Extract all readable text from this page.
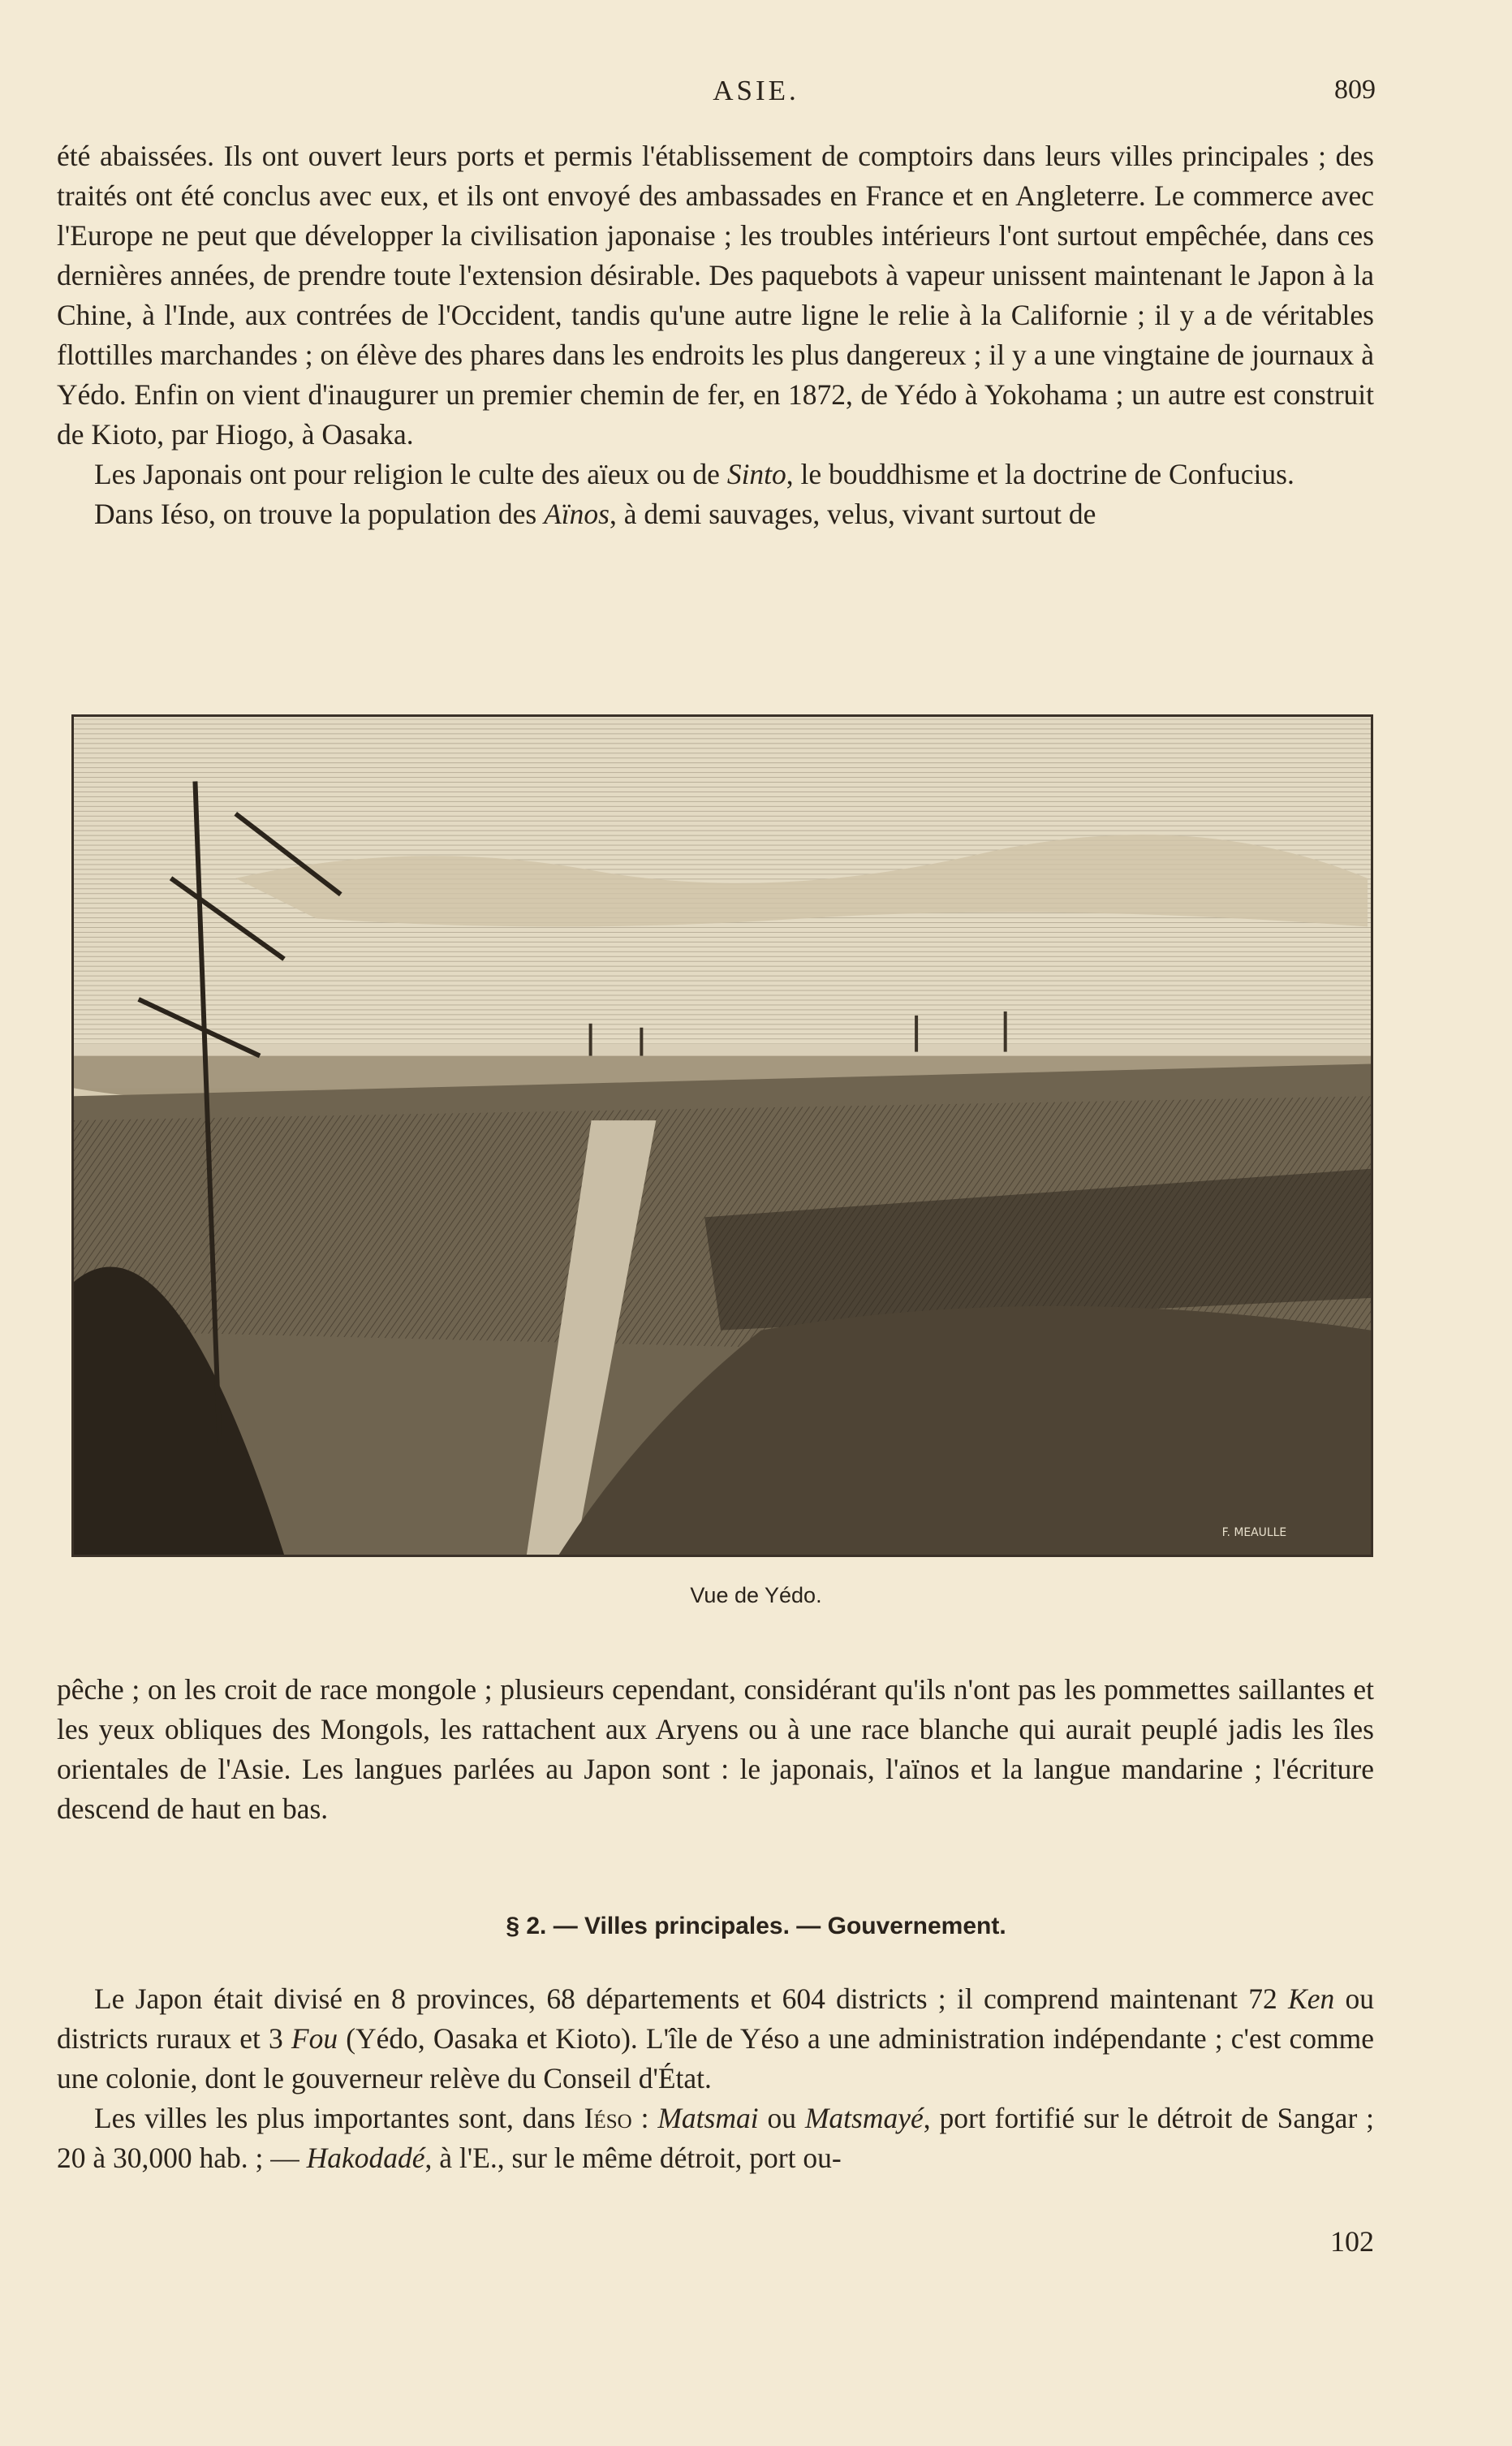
ASIE.	809

été abaissées. Ils ont ouvert leurs ports et permis l'établissement de comptoirs dans leurs villes principales ; des traités ont été conclus avec eux, et ils ont envoyé des ambassades en France et en Angleterre. Le commerce avec l'Europe ne peut que développer la civilisation japonaise ; les troubles intérieurs l'ont surtout empêchée, dans ces dernières années, de prendre toute l'extension désirable. Des paquebots à vapeur unissent maintenant le Japon à la Chine, à l'Inde, aux contrées de l'Occident, tandis qu'une autre ligne le relie à la Californie ; il y a de véritables flottilles marchandes ; on élève des phares dans les endroits les plus dangereux ; il y a une vingtaine de journaux à Yédo. Enfin on vient d'inaugurer un premier chemin de fer, en 1872, de Yédo à Yokohama ; un autre est construit de Kioto, par Hiogo, à Oasaka.

Les Japonais ont pour religion le culte des aïeux ou de Sinto, le bouddhisme et la doctrine de Confucius.

Dans Iéso, on trouve la population des Aïnos, à demi sauvages, velus, vivant surtout de

F. MEAULLE
Vue de Yédo.

pêche ; on les croit de race mongole ; plusieurs cependant, considérant qu'ils n'ont pas les pommettes saillantes et les yeux obliques des Mongols, les rattachent aux Aryens ou à une race blanche qui aurait peuplé jadis les îles orientales de l'Asie. Les langues parlées au Japon sont : le japonais, l'aïnos et la langue mandarine ; l'écriture descend de haut en bas.

§ 2. — Villes principales. — Gouvernement.

Le Japon était divisé en 8 provinces, 68 départements et 604 districts ; il comprend maintenant 72 Ken ou districts ruraux et 3 Fou (Yédo, Oasaka et Kioto). L'île de Yéso a une administration indépendante ; c'est comme une colonie, dont le gouverneur relève du Conseil d'État.

Les villes les plus importantes sont, dans Iéso : Matsmai ou Matsmayé, port fortifié sur le détroit de Sangar ; 20 à 30,000 hab. ; — Hakodadé, à l'E., sur le même détroit, port ou-

102
